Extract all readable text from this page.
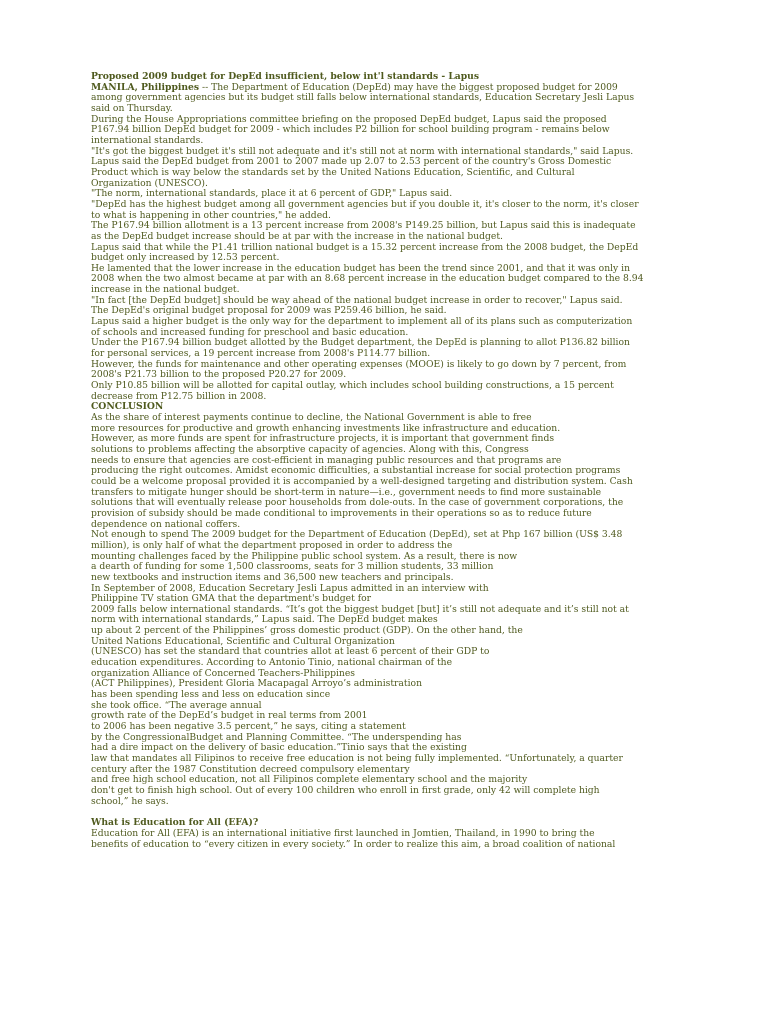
Proposed 2009 budget for DepEd insufficient, below int'l standards - Lapus
MANILA, Philippines -- The Department of Education (DepEd) may have the biggest proposed budget for 2009
among government agencies but its budget still falls below international standards, Education Secretary Jesli Lapus
said on Thursday.
During the House Appropriations committee briefing on the proposed DepEd budget, Lapus said the proposed
P167.94 billion DepEd budget for 2009 - which includes P2 billion for school building program - remains below
international standards.
"It's got the biggest budget it's still not adequate and it's still not at norm with international standards," said Lapus.
Lapus said the DepEd budget from 2001 to 2007 made up 2.07 to 2.53 percent of the country's Gross Domestic
Product which is way below the standards set by the United Nations Education, Scientific, and Cultural
Organization (UNESCO).
"The norm, international standards, place it at 6 percent of GDP," Lapus said.
"DepEd has the highest budget among all government agencies but if you double it, it's closer to the norm, it's closer
to what is happening in other countries," he added.
The P167.94 billion allotment is a 13 percent increase from 2008's P149.25 billion, but Lapus said this is inadequate
as the DepEd budget increase should be at par with the increase in the national budget.
Lapus said that while the P1.41 trillion national budget is a 15.32 percent increase from the 2008 budget, the DepEd
budget only increased by 12.53 percent.
He lamented that the lower increase in the education budget has been the trend since 2001, and that it was only in
2008 when the two almost became at par with an 8.68 percent increase in the education budget compared to the 8.94
increase in the national budget.
"In fact [the DepEd budget] should be way ahead of the national budget increase in order to recover," Lapus said.
The DepEd's original budget proposal for 2009 was P259.46 billion, he said.
Lapus said a higher budget is the only way for the department to implement all of its plans such as computerization
of schools and increased funding for preschool and basic education.
Under the P167.94 billion budget allotted by the Budget department, the DepEd is planning to allot P136.82 billion
for personal services, a 19 percent increase from 2008's P114.77 billion.
However, the funds for maintenance and other operating expenses (MOOE) is likely to go down by 7 percent, from
2008's P21.73 billion to the proposed P20.27 for 2009.
Only P10.85 billion will be allotted for capital outlay, which includes school building constructions, a 15 percent
decrease from P12.75 billion in 2008.
CONCLUSION
As the share of interest payments continue to decline, the National Government is able to free
more resources for productive and growth enhancing investments like infrastructure and education.
However, as more funds are spent for infrastructure projects, it is important that government finds
solutions to problems affecting the absorptive capacity of agencies. Along with this, Congress
needs to ensure that agencies are cost-efficient in managing public resources and that programs are
producing the right outcomes. Amidst economic difficulties, a substantial increase for social protection programs
could be a welcome proposal provided it is accompanied by a well-designed targeting and distribution system. Cash
transfers to mitigate hunger should be short-term in nature—i.e., government needs to find more sustainable
solutions that will eventually release poor households from dole-outs. In the case of government corporations, the
provision of subsidy should be made conditional to improvements in their operations so as to reduce future
dependence on national coffers.
Not enough to spend The 2009 budget for the Department of Education (DepEd), set at Php 167 billion (US$ 3.48
million), is only half of what the department proposed in order to address the
mounting challenges faced by the Philippine public school system. As a result, there is now
a dearth of funding for some 1,500 classrooms, seats for 3 million students, 33 million
new textbooks and instruction items and 36,500 new teachers and principals.
In September of 2008, Education Secretary Jesli Lapus admitted in an interview with
Philippine TV station GMA that the department's budget for
2009 falls below international standards. “It’s got the biggest budget [but] it’s still not adequate and it’s still not at
norm with international standards,” Lapus said. The DepEd budget makes
up about 2 percent of the Philippines’ gross domestic product (GDP). On the other hand, the
United Nations Educational, Scientific and Cultural Organization
(UNESCO) has set the standard that countries allot at least 6 percent of their GDP to
education expenditures. According to Antonio Tinio, national chairman of the
organization Alliance of Concerned Teachers-Philippines
(ACT Philippines), President Gloria Macapagal Arroyo’s administration
has been spending less and less on education since
she took office. “The average annual
growth rate of the DepEd’s budget in real terms from 2001
to 2006 has been negative 3.5 percent,” he says, citing a statement
by the CongressionalBudget and Planning Committee. “The underspending has
had a dire impact on the delivery of basic education.”Tinio says that the existing
law that mandates all Filipinos to receive free education is not being fully implemented. “Unfortunately, a quarter
century after the 1987 Constitution decreed compulsory elementary
and free high school education, not all Filipinos complete elementary school and the majority
don't get to finish high school. Out of every 100 children who enroll in first grade, only 42 will complete high
school,” he says.
What is Education for All (EFA)?
Education for All (EFA) is an international initiative first launched in Jomtien, Thailand, in 1990 to bring the
benefits of education to “every citizen in every society.” In order to realize this aim, a broad coalition of national
